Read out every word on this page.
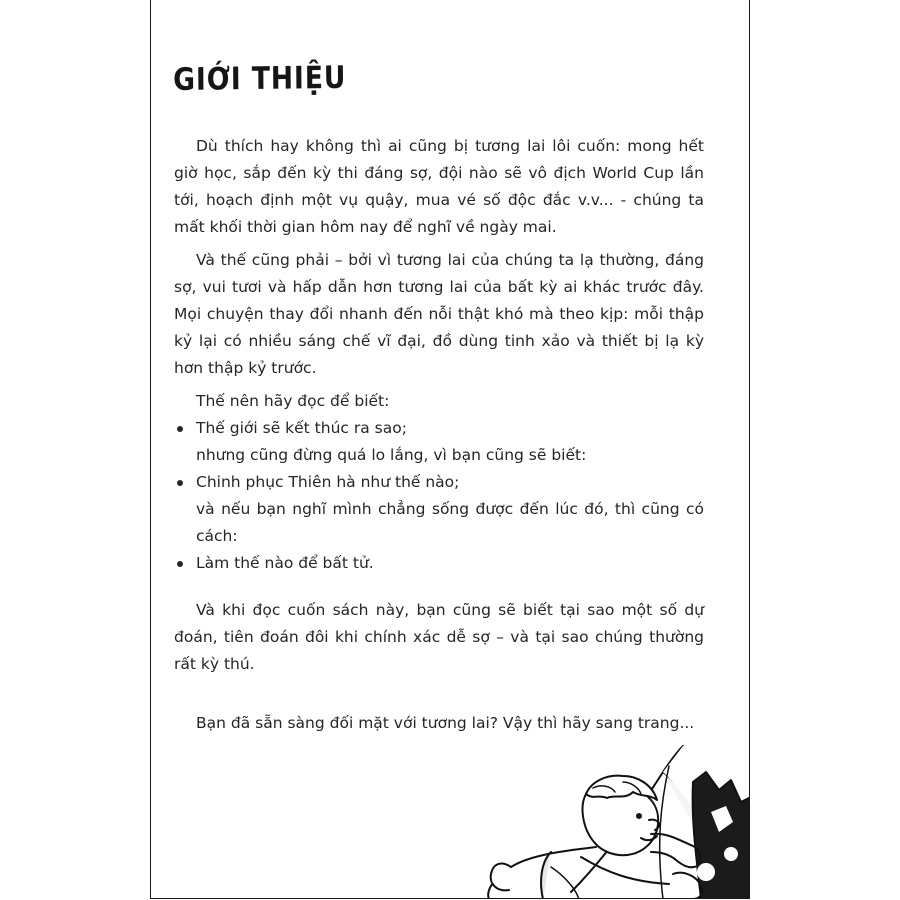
GIỚI THIỆU

Dù thích hay không thì ai cũng bị tương lai lôi cuốn: mong hết giờ học, sắp đến kỳ thi đáng sợ, đội nào sẽ vô địch World Cup lần tới, hoạch định một vụ quậy, mua vé số độc đắc v.v... - chúng ta mất khối thời gian hôm nay để nghĩ về ngày mai.

Và thế cũng phải – bởi vì tương lai của chúng ta lạ thường, đáng sợ, vui tươi và hấp dẫn hơn tương lai của bất kỳ ai khác trước đây. Mọi chuyện thay đổi nhanh đến nỗi thật khó mà theo kịp: mỗi thập kỷ lại có nhiều sáng chế vĩ đại, đồ dùng tinh xảo và thiết bị lạ kỳ hơn thập kỷ trước.

Thế nên hãy đọc để biết:

Thế giới sẽ kết thúc ra sao;
nhưng cũng đừng quá lo lắng, vì bạn cũng sẽ biết:
Chinh phục Thiên hà như thế nào;
và nếu bạn nghĩ mình chẳng sống được đến lúc đó, thì cũng có cách:
Làm thế nào để bất tử.

Và khi đọc cuốn sách này, bạn cũng sẽ biết tại sao một số dự đoán, tiên đoán đôi khi chính xác dễ sợ – và tại sao chúng thường rất kỳ thú.

Bạn đã sẵn sàng đối mặt với tương lai? Vậy thì hãy sang trang...
